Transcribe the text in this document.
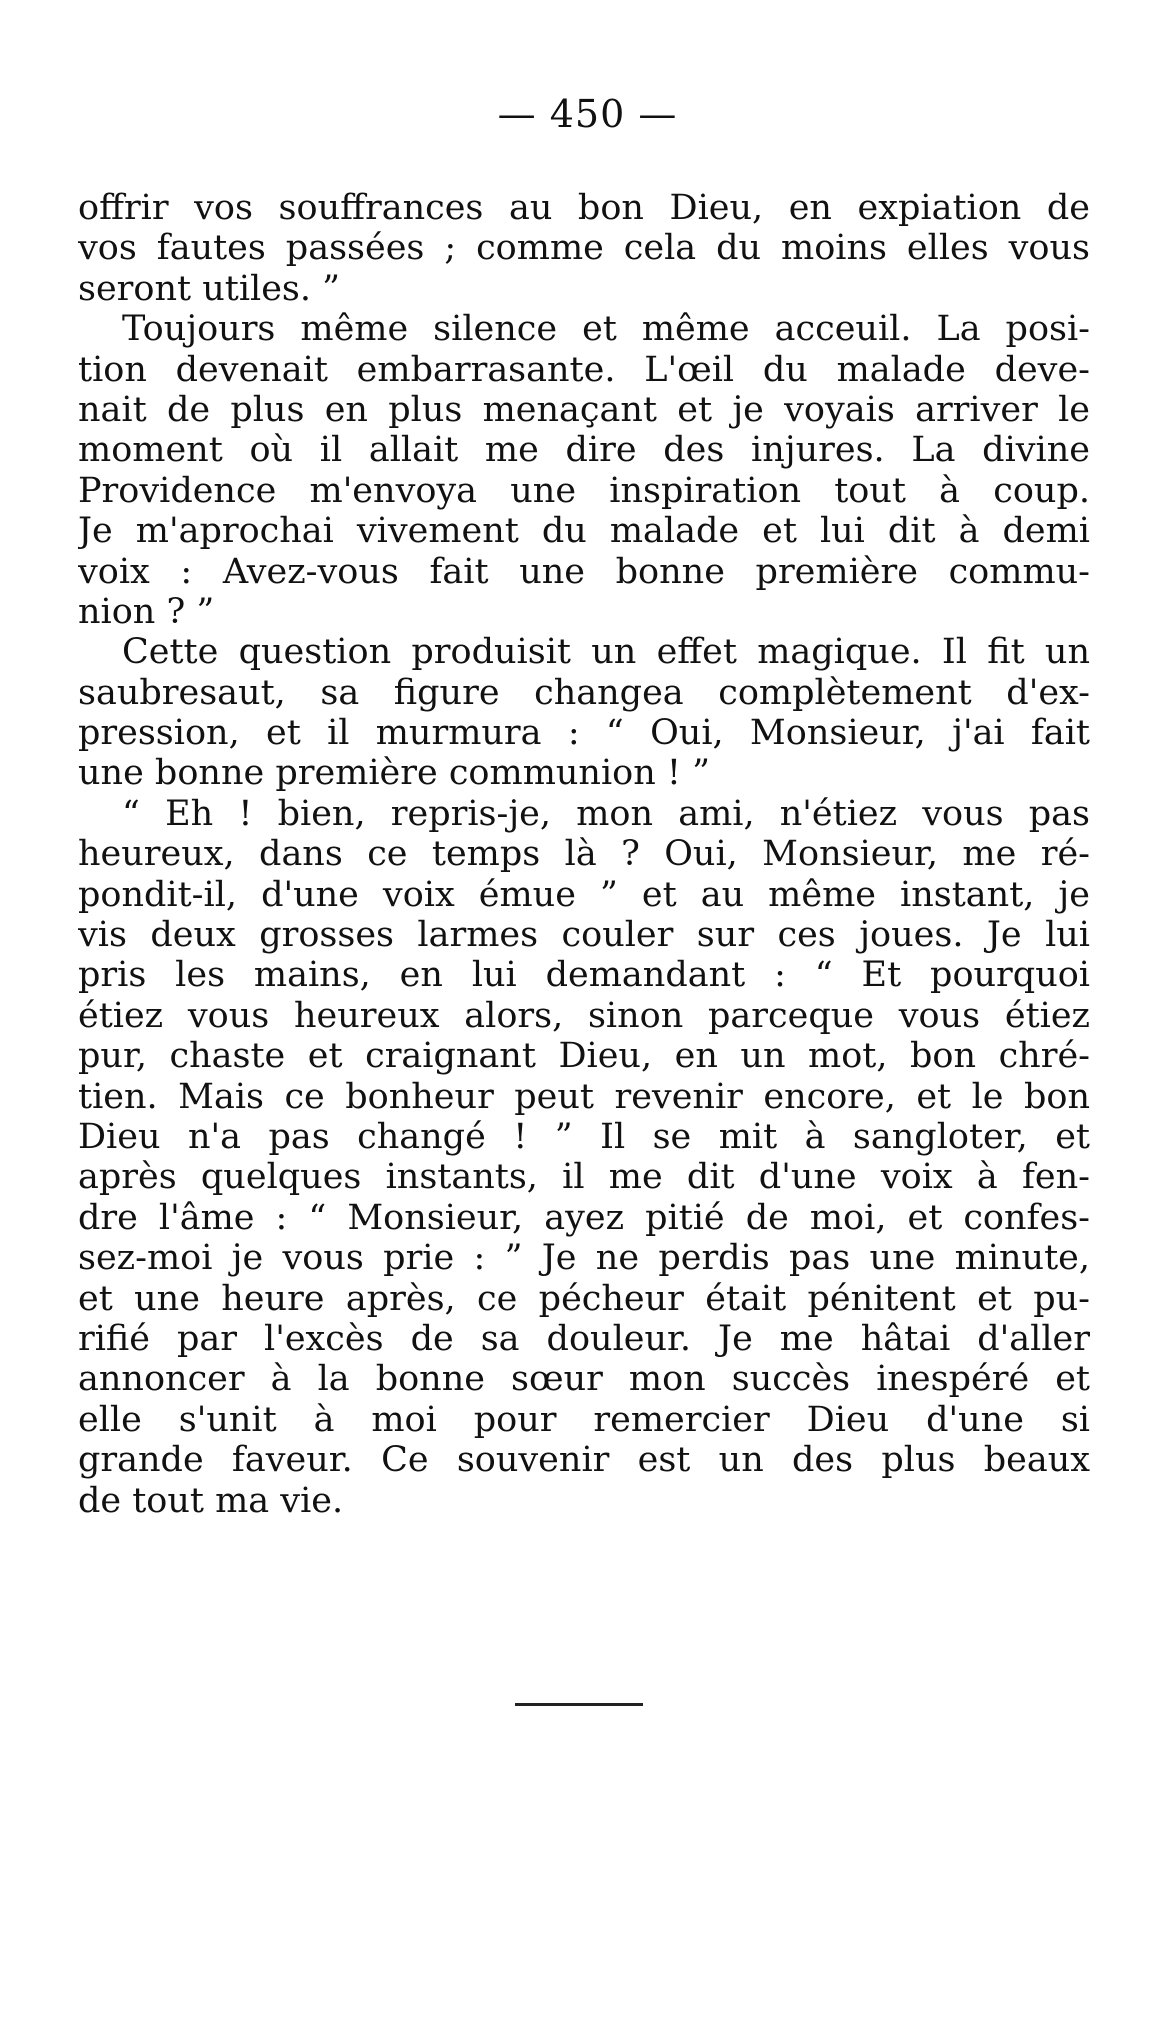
— 450 —
offrir vos souffrances au bon Dieu, en expiation de
vos fautes passées ; comme cela du moins elles vous
seront utiles. ”
Toujours même silence et même acceuil. La posi-
tion devenait embarrasante. L'œil du malade deve-
nait de plus en plus menaçant et je voyais arriver le
moment où il allait me dire des injures. La divine
Providence m'envoya une inspiration tout à coup.
Je m'aprochai vivement du malade et lui dit à demi
voix : Avez-vous fait une bonne première commu-
nion ? ”
Cette question produisit un effet magique. Il fit un
saubresaut, sa figure changea complètement d'ex-
pression, et il murmura : “ Oui, Monsieur, j'ai fait
une bonne première communion ! ”
“ Eh ! bien, repris-je, mon ami, n'étiez vous pas
heureux, dans ce temps là ? Oui, Monsieur, me ré-
pondit-il, d'une voix émue ” et au même instant, je
vis deux grosses larmes couler sur ces joues. Je lui
pris les mains, en lui demandant : “ Et pourquoi
étiez vous heureux alors, sinon parceque vous étiez
pur, chaste et craignant Dieu, en un mot, bon chré-
tien. Mais ce bonheur peut revenir encore, et le bon
Dieu n'a pas changé ! ” Il se mit à sangloter, et
après quelques instants, il me dit d'une voix à fen-
dre l'âme : “ Monsieur, ayez pitié de moi, et confes-
sez-moi je vous prie : ” Je ne perdis pas une minute,
et une heure après, ce pécheur était pénitent et pu-
rifié par l'excès de sa douleur. Je me hâtai d'aller
annoncer à la bonne sœur mon succès inespéré et
elle s'unit à moi pour remercier Dieu d'une si
grande faveur. Ce souvenir est un des plus beaux
de tout ma vie.
